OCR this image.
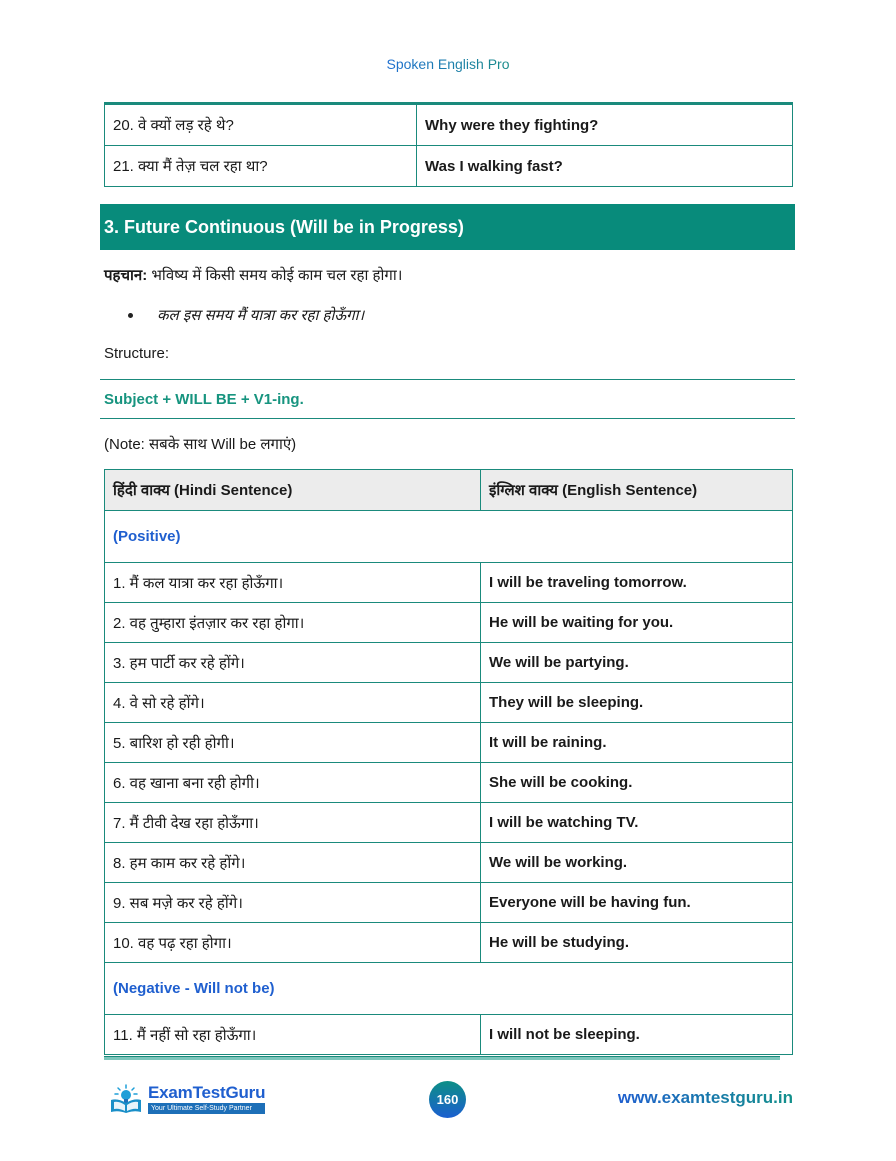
Spoken English Pro
20. वे क्यों लड़ रहे थे?	Why were they fighting?
21. क्या मैं तेज़ चल रहा था?	Was I walking fast?
3. Future Continuous (Will be in Progress)
पहचान: भविष्य में किसी समय कोई काम चल रहा होगा।
कल इस समय मैं यात्रा कर रहा होऊँगा।
Structure:
Subject + WILL BE + V1-ing.
(Note: सबके साथ Will be लगाएं)
हिंदी वाक्य (Hindi Sentence)	इंग्लिश वाक्य (English Sentence)
(Positive)	
1. मैं कल यात्रा कर रहा होऊँगा।	I will be traveling tomorrow.
2. वह तुम्हारा इंतज़ार कर रहा होगा।	He will be waiting for you.
3. हम पार्टी कर रहे होंगे।	We will be partying.
4. वे सो रहे होंगे।	They will be sleeping.
5. बारिश हो रही होगी।	It will be raining.
6. वह खाना बना रही होगी।	She will be cooking.
7. मैं टीवी देख रहा होऊँगा।	I will be watching TV.
8. हम काम कर रहे होंगे।	We will be working.
9. सब मज़े कर रहे होंगे।	Everyone will be having fun.
10. वह पढ़ रहा होगा।	He will be studying.
(Negative - Will not be)	
11. मैं नहीं सो रहा होऊँगा।	I will not be sleeping.
ExamTestGuru
Your Ultimate Self-Study Partner
160	www.examtestguru.in
